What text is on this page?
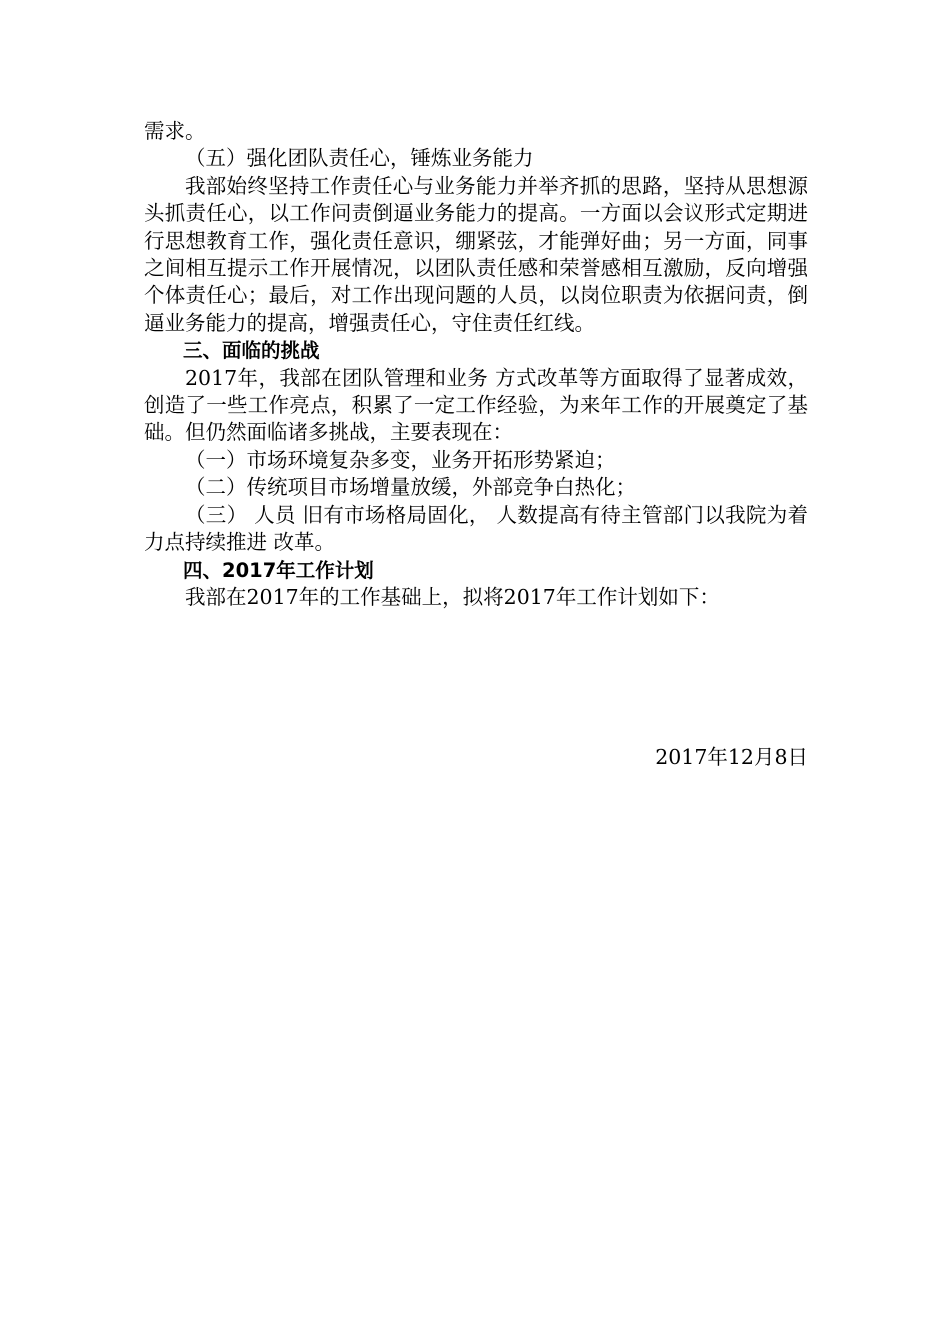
需求。

（五）强化团队责任心，锤炼业务能力

我部始终坚持工作责任心与业务能力并举齐抓的思路，坚持从思想源头抓责任心，以工作问责倒逼业务能力的提高。一方面以会议形式定期进行思想教育工作，强化责任意识，绷紧弦，才能弹好曲；另一方面，同事之间相互提示工作开展情况，以团队责任感和荣誉感相互激励，反向增强个体责任心；最后，对工作出现问题的人员，以岗位职责为依据问责，倒逼业务能力的提高，增强责任心，守住责任红线。

三、面临的挑战

2017年，我部在团队管理和业务 方式改革等方面取得了显著成效，创造了一些工作亮点，积累了一定工作经验，为来年工作的开展奠定了基础。但仍然面临诸多挑战，主要表现在：

（一）市场环境复杂多变，业务开拓形势紧迫；

（二）传统项目市场增量放缓，外部竞争白热化；

（三） 人员 旧有市场格局固化， 人数提高有待主管部门以我院为着力点持续推进 改革。

四、2017年工作计划

我部在2017年的工作基础上，拟将2017年工作计划如下：

2017年12月8日
